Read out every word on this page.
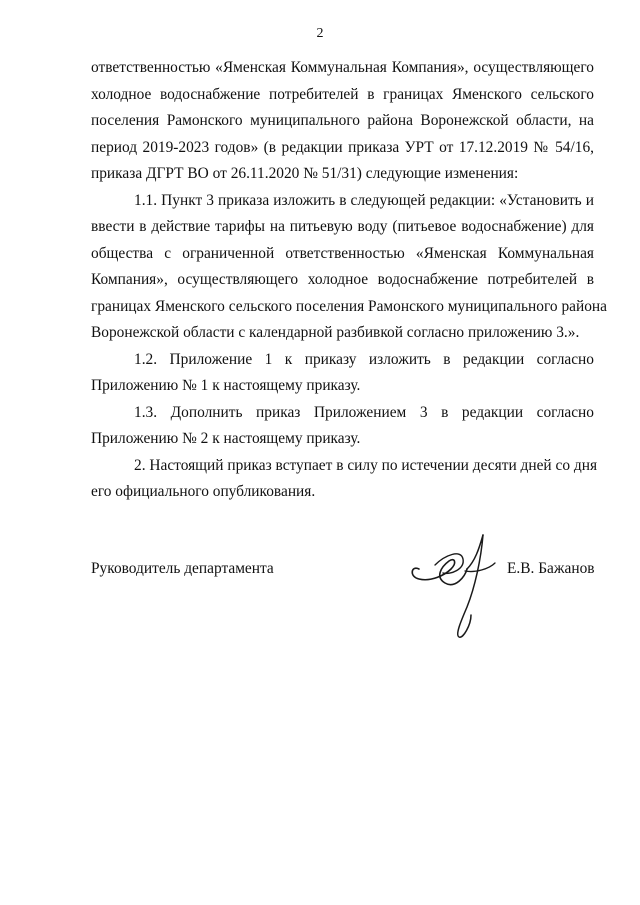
2
ответственностью «Яменская Коммунальная Компания», осуществляющего
холодное водоснабжение потребителей в границах Яменского сельского
поселения Рамонского муниципального района Воронежской области, на
период 2019-2023 годов» (в редакции приказа УРТ от 17.12.2019 № 54/16,
приказа ДГРТ ВО от 26.11.2020 № 51/31) следующие изменения:
1.1. Пункт 3 приказа изложить в следующей редакции: «Установить и
ввести в действие тарифы на питьевую воду (питьевое водоснабжение) для
общества с ограниченной ответственностью «Яменская Коммунальная
Компания», осуществляющего холодное водоснабжение потребителей в
границах Яменского сельского поселения Рамонского муниципального района
Воронежской области с календарной разбивкой согласно приложению 3.».
1.2. Приложение 1 к приказу изложить в редакции согласно
Приложению № 1 к настоящему приказу.
1.3. Дополнить приказ Приложением 3 в редакции согласно
Приложению № 2 к настоящему приказу.
2. Настоящий приказ вступает в силу по истечении десяти дней со дня
его официального опубликования.
Руководитель департамента	Е.В. Бажанов
